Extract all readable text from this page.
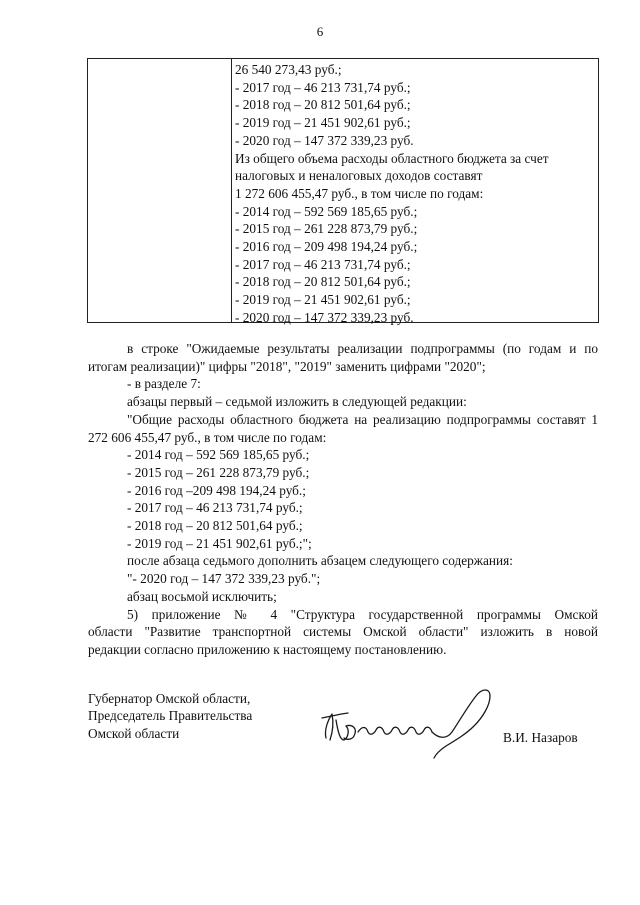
6
26 540 273,43 руб.;
- 2017 год – 46 213 731,74 руб.;
- 2018 год – 20 812 501,64 руб.;
- 2019 год – 21 451 902,61 руб.;
- 2020 год – 147 372 339,23 руб.
Из общего объема расходы областного бюджета за счет
налоговых и неналоговых доходов составят
1 272 606 455,47 руб., в том числе по годам:
- 2014 год – 592 569 185,65 руб.;
- 2015 год – 261 228 873,79 руб.;
- 2016 год – 209 498 194,24 руб.;
- 2017 год – 46 213 731,74 руб.;
- 2018 год – 20 812 501,64 руб.;
- 2019 год – 21 451 902,61 руб.;
- 2020 год – 147 372 339,23 руб.
в строке "Ожидаемые результаты реализации подпрограммы (по годам и по итогам реализации)" цифры "2018", "2019" заменить цифрами "2020";
- в разделе 7:
абзацы первый – седьмой изложить в следующей редакции:
"Общие расходы областного бюджета на реализацию подпрограммы составят 1 272 606 455,47 руб., в том числе по годам:
- 2014 год – 592 569 185,65 руб.;
- 2015 год – 261 228 873,79 руб.;
- 2016 год –209 498 194,24 руб.;
- 2017 год – 46 213 731,74 руб.;
- 2018 год – 20 812 501,64 руб.;
- 2019 год – 21 451 902,61 руб.;";
после абзаца седьмого дополнить абзацем следующего содержания:
"- 2020 год – 147 372 339,23 руб.";
абзац восьмой исключить;
5) приложение № 4 "Структура государственной программы Омской
области "Развитие транспортной системы Омской области" изложить в новой
редакции согласно приложению к настоящему постановлению.
Губернатор Омской области,
Председатель Правительства
Омской области	В.И. Назаров
